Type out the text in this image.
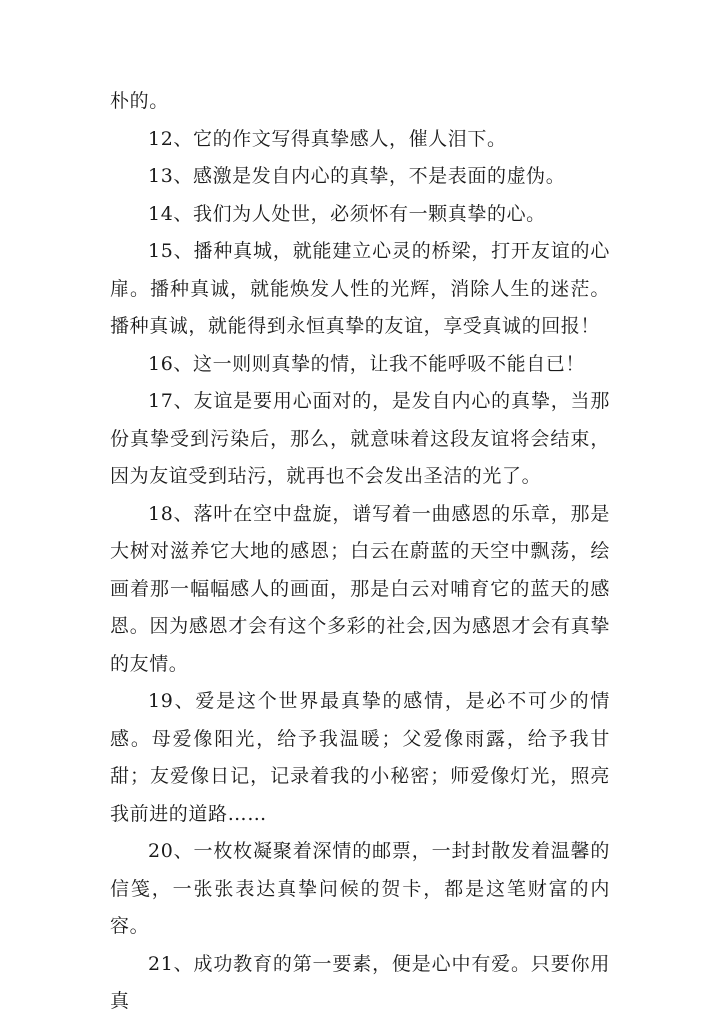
朴的。

12、它的作文写得真挚感人，催人泪下。

13、感激是发自内心的真挚，不是表面的虚伪。

14、我们为人处世，必须怀有一颗真挚的心。

15、播种真城，就能建立心灵的桥梁，打开友谊的心扉。播种真诚，就能焕发人性的光辉，消除人生的迷茫。播种真诚，就能得到永恒真挚的友谊，享受真诚的回报！

16、这一则则真挚的情，让我不能呼吸不能自已！

17、友谊是要用心面对的，是发自内心的真挚，当那份真挚受到污染后，那么，就意味着这段友谊将会结束，因为友谊受到玷污，就再也不会发出圣洁的光了。

18、落叶在空中盘旋，谱写着一曲感恩的乐章，那是大树对滋养它大地的感恩；白云在蔚蓝的天空中飘荡，绘画着那一幅幅感人的画面，那是白云对哺育它的蓝天的感恩。因为感恩才会有这个多彩的社会,因为感恩才会有真挚的友情。

19、爱是这个世界最真挚的感情，是必不可少的情感。母爱像阳光，给予我温暖；父爱像雨露，给予我甘甜；友爱像日记，记录着我的小秘密；师爱像灯光，照亮我前进的道路……

20、一枚枚凝聚着深情的邮票，一封封散发着温馨的信笺，一张张表达真挚问候的贺卡，都是这笔财富的内容。

21、成功教育的第一要素，便是心中有爱。只要你用真
